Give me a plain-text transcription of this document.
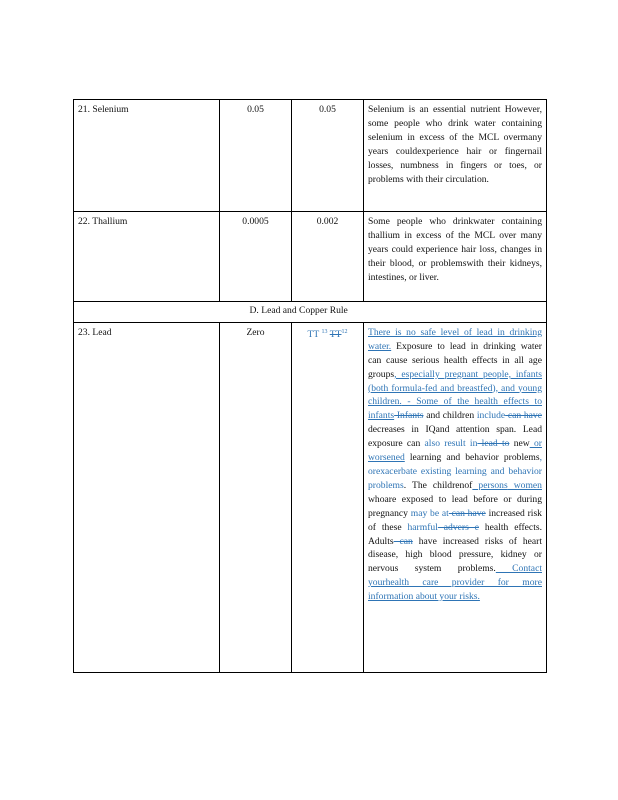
21. Selenium	0.05	0.05	Selenium is an essential nutrient However, some people who drink water containing selenium in excess of the MCL overmany years couldexperience hair or fingernail losses, numbness in fingers or toes, or problems with their circulation.
22. Thallium	0.0005	0.002	Some people who drinkwater containing thallium in excess of the MCL over many years could experience hair loss, changes in their blood, or problemswith their kidneys, intestines, or liver.
	D. Lead and Copper Rule		
23. Lead	Zero	TT $^{13}$ TT$^{12}$	There is no safe level of lead in drinking water. Exposure to lead in drinking water can cause serious health effects in all age groups, especially pregnant people, infants (both formula-fed and breastfed), and young children. - Some of the health effects to infants Infants and children include can have decreases in IQand attention span. Lead exposure can also result in lead to new or worsened learning and behavior problems, orexacerbate existing learning and behavior problems. The childrenof persons women whoare exposed to lead before or during pregnancy may be at can have increased risk of these harmful advers e health effects. Adults can have increased risks of heart disease, high blood pressure, kidney or nervous system problems. Contact yourhealth care provider for more information about your risks.
